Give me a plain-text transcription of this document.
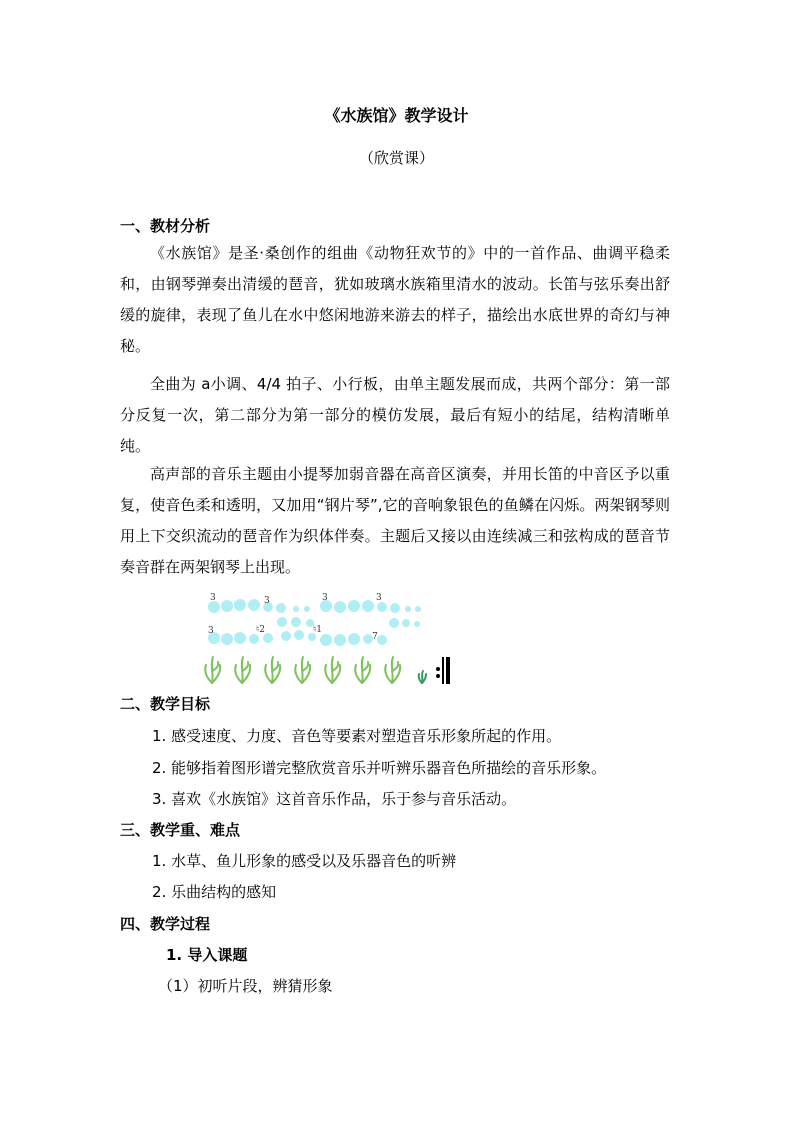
《水族馆》教学设计
（欣赏课）
一、教材分析

《水族馆》是圣·桑创作的组曲《动物狂欢节的》中的一首作品、曲调平稳柔和，由钢琴弹奏出清缓的琶音，犹如玻璃水族箱里清水的波动。长笛与弦乐奏出舒缓的旋律，表现了鱼儿在水中悠闲地游来游去的样子，描绘出水底世界的奇幻与神秘。

全曲为 a小调、4/4 拍子、小行板，由单主题发展而成，共两个部分：第一部分反复一次，第二部分为第一部分的模仿发展，最后有短小的结尾，结构清晰单纯。

高声部的音乐主题由小提琴加弱音器在高音区演奏，并用长笛的中音区予以重复，使音色柔和透明，又加用“钢片琴”,它的音响象银色的鱼鳞在闪烁。两架钢琴则用上下交织流动的琶音作为织体伴奏。主题后又接以由连续减三和弦构成的琶音节奏音群在两架钢琴上出现。

3	3	3	3
3	♮2	♮1
7
二、教学目标
1. 感受速度、力度、音色等要素对塑造音乐形象所起的作用。
2. 能够指着图形谱完整欣赏音乐并听辨乐器音色所描绘的音乐形象。
3. 喜欢《水族馆》这首音乐作品，乐于参与音乐活动。
三、教学重、难点
1. 水草、鱼儿形象的感受以及乐器音色的听辨
2. 乐曲结构的感知
四、教学过程
1. 导入课题
（1）初听片段，辨猜形象
